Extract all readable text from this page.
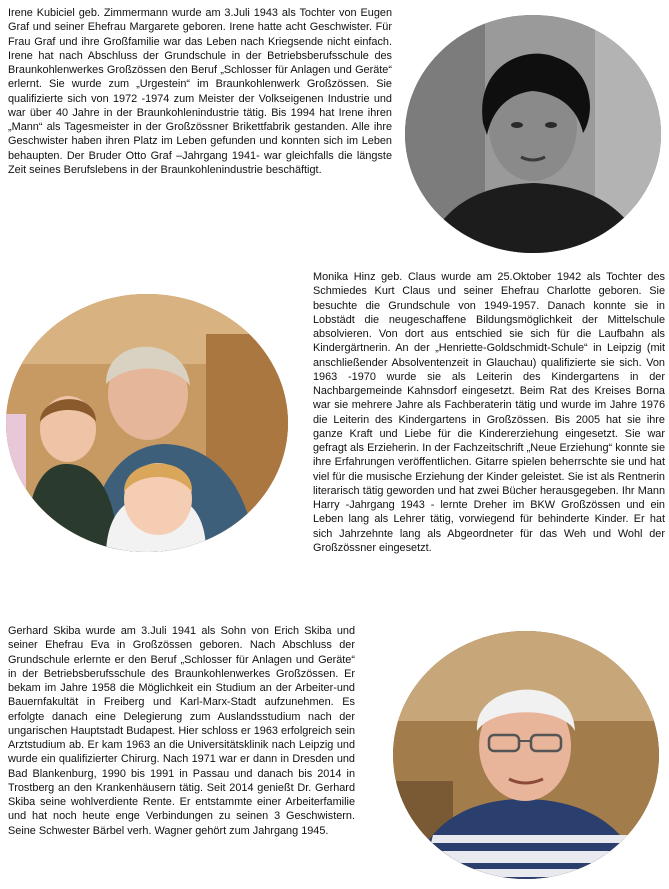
Irene Kubiciel geb. Zimmermann wurde am 3.Juli 1943 als Tochter von Eugen Graf und seiner Ehefrau Margarete geboren. Irene hatte acht Geschwister. Für Frau Graf und ihre Großfamilie war das Leben nach Kriegsende nicht einfach. Irene hat nach Abschluss der Grundschule in der Betriebsberufsschule des Braunkohlenwerkes Großzössen den Beruf „Schlosser für Anlagen und Geräte“ erlernt. Sie wurde zum „Urgestein“ im Braunkohlenwerk Großzössen. Sie qualifizierte sich von 1972 -1974 zum Meister der Volkseigenen Industrie und war über 40 Jahre in der Braunkohlenindustrie tätig. Bis 1994 hat Irene ihren „Mann“ als Tagesmeister in der Großzössner Brikettfabrik gestanden. Alle ihre Geschwister haben ihren Platz im Leben gefunden und konnten sich im Leben behaupten. Der Bruder Otto Graf –Jahrgang 1941- war gleichfalls die längste Zeit seines Berufslebens in der Braunkohlenindustrie beschäftigt.

Monika Hinz geb. Claus wurde am 25.Oktober 1942 als Tochter des Schmiedes Kurt Claus und seiner Ehefrau Charlotte geboren. Sie besuchte die Grundschule von 1949-1957. Danach konnte sie in Lobstädt die neugeschaffene Bildungsmöglichkeit der Mittelschule absolvieren. Von dort aus entschied sie sich für die Laufbahn als Kindergärtnerin. An der „Henriette-Goldschmidt-Schule“ in Leipzig (mit anschließender Absolventenzeit in Glauchau) qualifizierte sie sich. Von 1963 -1970 wurde sie als Leiterin des Kindergartens in der Nachbargemeinde Kahnsdorf eingesetzt. Beim Rat des Kreises Borna war sie mehrere Jahre als Fachberaterin tätig und wurde im Jahre 1976 die Leiterin des Kindergartens in Großzössen. Bis 2005 hat sie ihre ganze Kraft und Liebe für die Kindererziehung eingesetzt. Sie war gefragt als Erzieherin. In der Fachzeitschrift „Neue Erziehung“ konnte sie ihre Erfahrungen veröffentlichen. Gitarre spielen beherrschte sie und hat viel für die musische Erziehung der Kinder geleistet. Sie ist als Rentnerin literarisch tätig geworden und hat zwei Bücher herausgegeben. Ihr Mann Harry -Jahrgang 1943 - lernte Dreher im BKW Großzössen und ein Leben lang als Lehrer tätig, vorwiegend für behinderte Kinder. Er hat sich Jahrzehnte lang als Abgeordneter für das Weh und Wohl der Großzössner eingesetzt.

Gerhard Skiba wurde am 3.Juli 1941 als Sohn von Erich Skiba und seiner Ehefrau Eva in Großzössen geboren. Nach Abschluss der Grundschule erlernte er den Beruf „Schlosser für Anlagen und Geräte“ in der Betriebsberufsschule des Braunkohlenwerkes Großzössen. Er bekam im Jahre 1958 die Möglichkeit ein Studium an der Arbeiter-und Bauernfakultät in Freiberg und Karl-Marx-Stadt aufzunehmen. Es erfolgte danach eine Delegierung zum Auslandsstudium nach der ungarischen Hauptstadt Budapest. Hier schloss er 1963 erfolgreich sein Arztstudium ab. Er kam 1963 an die Universitätsklinik nach Leipzig und wurde ein qualifizierter Chirurg. Nach 1971 war er dann in Dresden und Bad Blankenburg, 1990 bis 1991 in Passau und danach bis 2014 in Trostberg an den Krankenhäusern tätig. Seit 2014 genießt Dr. Gerhard Skiba seine wohlverdiente Rente. Er entstammte einer Arbeiterfamilie und hat noch heute enge Verbindungen zu seinen 3 Geschwistern. Seine Schwester Bärbel verh. Wagner gehört zum Jahrgang 1945.
